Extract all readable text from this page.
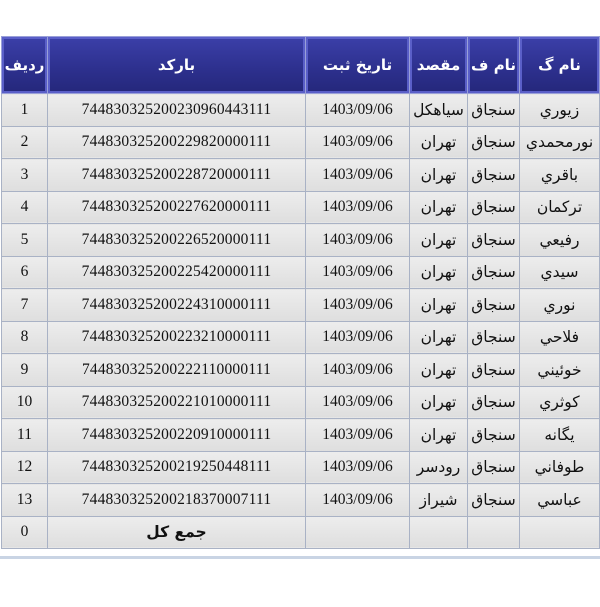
رديف	باركد	تاريخ ثبت	مقصد	نام ف	نام گ
1	744830325200230960443111	1403/09/06	سياهكل	سنجاق	زيوري
2	744830325200229820000111	1403/09/06	تهران	سنجاق	نورمحمدي
3	744830325200228720000111	1403/09/06	تهران	سنجاق	باقري
4	744830325200227620000111	1403/09/06	تهران	سنجاق	تركمان
5	744830325200226520000111	1403/09/06	تهران	سنجاق	رفيعي
6	744830325200225420000111	1403/09/06	تهران	سنجاق	سيدي
7	744830325200224310000111	1403/09/06	تهران	سنجاق	نوري
8	744830325200223210000111	1403/09/06	تهران	سنجاق	فلاحي
9	744830325200222110000111	1403/09/06	تهران	سنجاق	خوئيني
10	744830325200221010000111	1403/09/06	تهران	سنجاق	كوثري
11	744830325200220910000111	1403/09/06	تهران	سنجاق	يگانه
12	744830325200219250448111	1403/09/06	رودسر	سنجاق	طوفاني
13	744830325200218370007111	1403/09/06	شيراز	سنجاق	عباسي
0	جمع كل				
